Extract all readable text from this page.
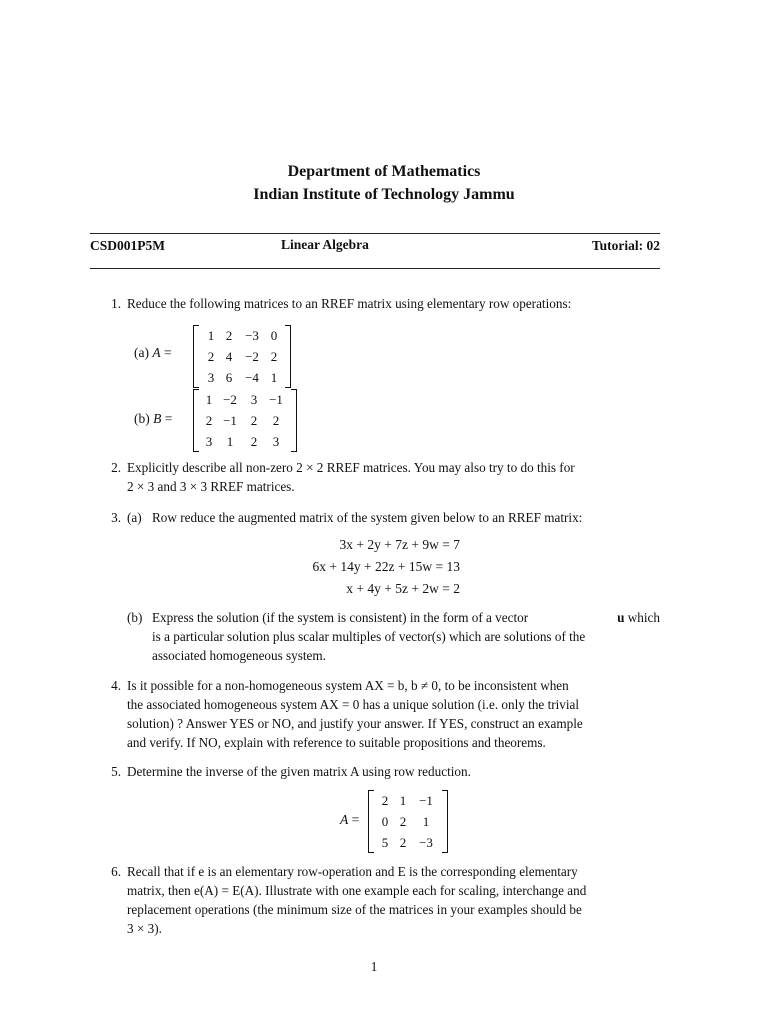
Department of Mathematics
Indian Institute of Technology Jammu
CSD001P5M	Linear Algebra	Tutorial: 02
1. Reduce the following matrices to an RREF matrix using elementary row operations:
(a) A =
1 2 −3 0
2 4 −2 2
3 6 −4 1
(b) B =
1 −2	3 −1
2 −1	2	2
3	1	2	3
2. Explicitly describe all non-zero 2 × 2 RREF matrices. You may also try to do this for
2 × 3 and 3 × 3 RREF matrices.
3. (a) Row reduce the augmented matrix of the system given below to an RREF matrix:
3x + 2y + 7z + 9w = 7
6x + 14y + 22z + 15w = 13
x + 4y + 5z + 2w = 2
(b) Express the solution (if the system is consistent) in the form of a vector	u which
is a particular solution plus scalar multiples of vector(s) which are solutions of the
associated homogeneous system.
4. Is it possible for a non-homogeneous system AX = b, b ≠ 0, to be inconsistent when
the associated homogeneous system AX = 0 has a unique solution (i.e. only the trivial
solution) ? Answer YES or NO, and justify your answer. If YES, construct an example
and verify. If NO, explain with reference to suitable propositions and theorems.
5. Determine the inverse of the given matrix A using row reduction.
A =
2 1 −1
0 2	1
5 2 −3
6. Recall that if e is an elementary row-operation and E is the corresponding elementary
matrix, then e(A) = E(A). Illustrate with one example each for scaling, interchange and
replacement operations (the minimum size of the matrices in your examples should be
3 × 3).
1
